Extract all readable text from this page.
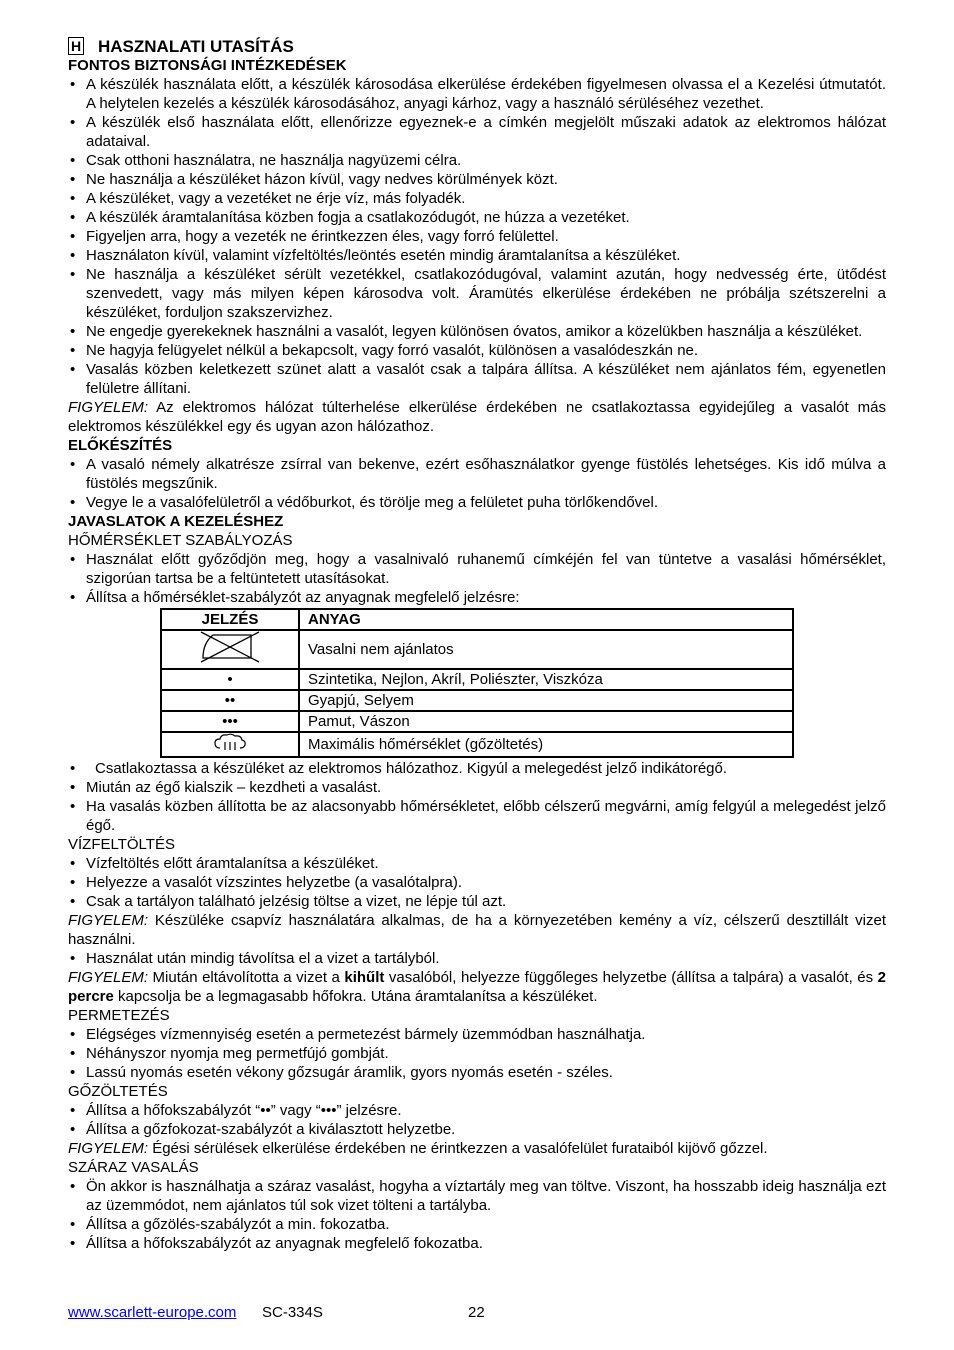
H HASZNALATI UTASÍTÁS
FONTOS BIZTONSÁGI INTÉZKEDÉSEK
• A készülék használata előtt, a készülék károsodása elkerülése érdekében figyelmesen olvassa el a Kezelési útmutatót. A helytelen kezelés a készülék károsodásához, anyagi kárhoz, vagy a használó sérüléséhez vezethet.
• A készülék első használata előtt, ellenőrizze egyeznek-e a címkén megjelölt műszaki adatok az elektromos hálózat adataival.
• Csak otthoni használatra, ne használja nagyüzemi célra.
• Ne használja a készüléket házon kívül, vagy nedves körülmények közt.
• A készüléket, vagy a vezetéket ne érje víz, más folyadék.
• A készülék áramtalanítása közben fogja a csatlakozódugót, ne húzza a vezetéket.
• Figyeljen arra, hogy a vezeték ne érintkezzen éles, vagy forró felülettel.
• Használaton kívül, valamint vízfeltöltés/leöntés esetén mindig áramtalanítsa a készüléket.
• Ne használja a készüléket sérült vezetékkel, csatlakozódugóval, valamint azután, hogy nedvesség érte, ütődést szenvedett, vagy más milyen képen károsodva volt. Áramütés elkerülése érdekében ne próbálja szétszerelni a készüléket, forduljon szakszervizhez.
• Ne engedje gyerekeknek használni a vasalót, legyen különösen óvatos, amikor a közelükben használja a készüléket.
• Ne hagyja felügyelet nélkül a bekapcsolt, vagy forró vasalót, különösen a vasalódeszkán ne.
• Vasalás közben keletkezett szünet alatt a vasalót csak a talpára állítsa. A készüléket nem ajánlatos fém, egyenetlen felületre állítani.
FIGYELEM: Az elektromos hálózat túlterhelése elkerülése érdekében ne csatlakoztassa egyidejűleg a vasalót más elektromos készülékkel egy és ugyan azon hálózathoz.
ELŐKÉSZÍTÉS
• A vasaló némely alkatrésze zsírral van bekenve, ezért esőhasználatkor gyenge füstölés lehetséges. Kis idő múlva a füstölés megszűnik.
• Vegye le a vasalófelületről a védőburkot, és törölje meg a felületet puha törlőkendővel.
JAVASLATOK A KEZELÉSHEZ
HŐMÉRSÉKLET SZABÁLYOZÁS
• Használat előtt győződjön meg, hogy a vasalnivaló ruhanemű címkéjén fel van tüntetve a vasalási hőmérséklet, szigorúan tartsa be a feltüntetett utasításokat.
• Állítsa a hőmérséklet-szabályzót az anyagnak megfelelő jelzésre:
JELZÉS	ANYAG
	Vasalni nem ajánlatos
•	Szintetika, Nejlon, Akríl, Poliészter, Viszkóza
••	Gyapjú, Selyem
•••	Pamut, Vászon
	Maximális hőmérséklet (gőzöltetés)
• Csatlakoztassa a készüléket az elektromos hálózathoz. Kigyúl a melegedést jelző indikátorégő.
• Miután az égő kialszik – kezdheti a vasalást.
• Ha vasalás közben állította be az alacsonyabb hőmérsékletet, előbb célszerű megvárni, amíg felgyúl a melegedést jelző égő.
VÍZFELTÖLTÉS
• Vízfeltöltés előtt áramtalanítsa a készüléket.
• Helyezze a vasalót vízszintes helyzetbe (a vasalótalpra).
• Csak a tartályon található jelzésig töltse a vizet, ne lépje túl azt.
FIGYELEM: Készüléke csapvíz használatára alkalmas, de ha a környezetében kemény a víz, célszerű desztillált vizet használni.
• Használat után mindig távolítsa el a vizet a tartályból.
FIGYELEM: Miután eltávolította a vizet a kihűlt vasalóból, helyezze függőleges helyzetbe (állítsa a talpára) a vasalót, és 2 percre kapcsolja be a legmagasabb hőfokra. Utána áramtalanítsa a készüléket.
PERMETEZÉS
• Elégséges vízmennyiség esetén a permetezést bármely üzemmódban használhatja.
• Néhányszor nyomja meg permetfújó gombját.
• Lassú nyomás esetén vékony gőzsugár áramlik, gyors nyomás esetén - széles.
GŐZÖLTETÉS
• Állítsa a hőfokszabályzót “••” vagy “•••” jelzésre.
• Állítsa a gőzfokozat-szabályzót a kiválasztott helyzetbe.
FIGYELEM: Égési sérülések elkerülése érdekében ne érintkezzen a vasalófelület furataiból kijövő gőzzel.
SZÁRAZ VASALÁS
• Ön akkor is használhatja a száraz vasalást, hogyha a víztartály meg van töltve. Viszont, ha hosszabb ideig használja ezt az üzemmódot, nem ajánlatos túl sok vizet tölteni a tartályba.
• Állítsa a gőzölés-szabályzót a min. fokozatba.
• Állítsa a hőfokszabályzót az anyagnak megfelelő fokozatba.
www.scarlett-europe.com SC-334S	22
